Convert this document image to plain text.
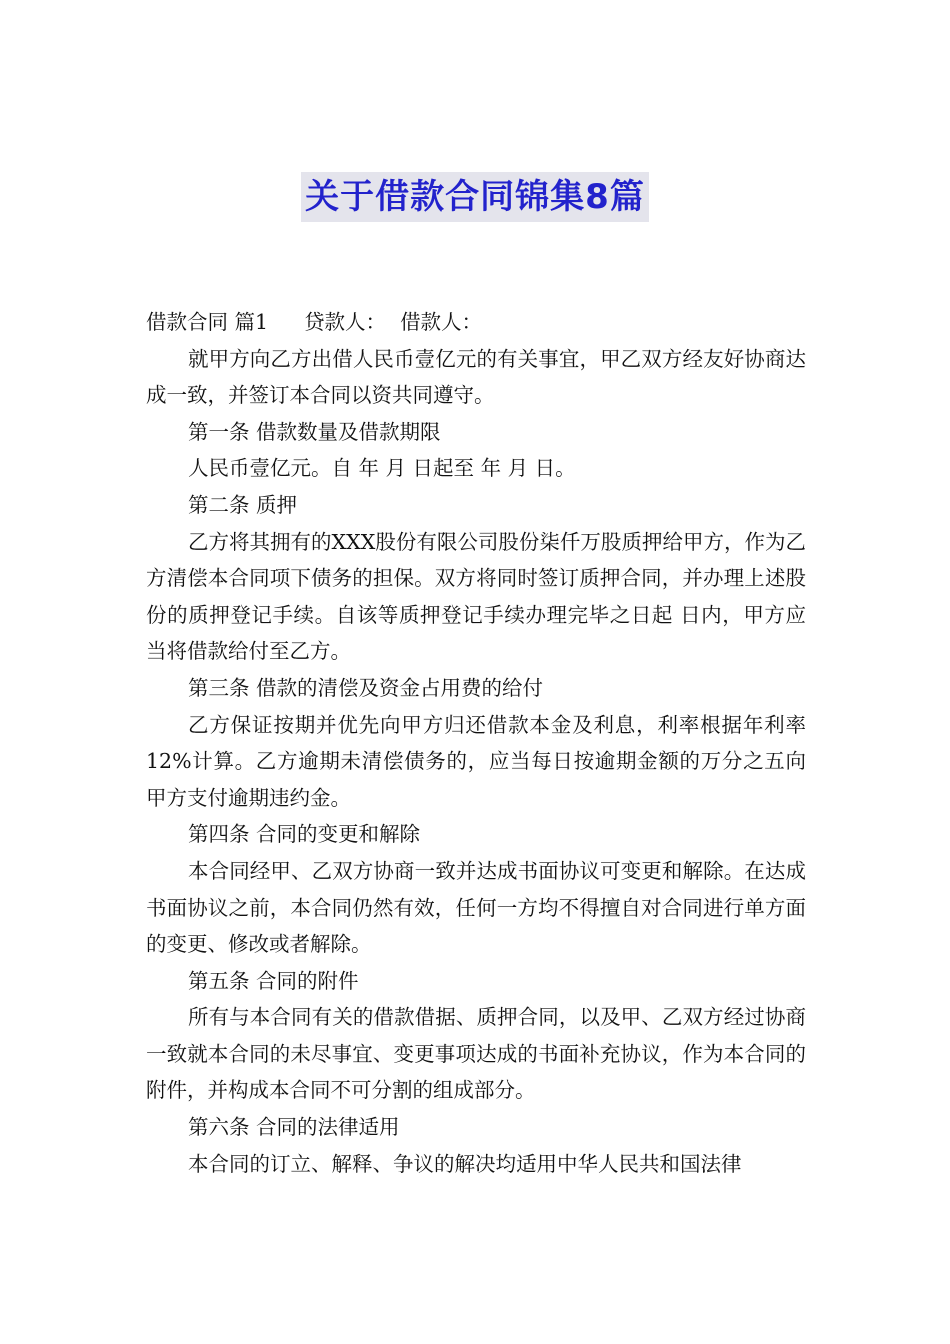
关于借款合同锦集8篇

借款合同 篇1 贷款人： 借款人：

就甲方向乙方出借人民币壹亿元的有关事宜，甲乙双方经友好协商达成一致，并签订本合同以资共同遵守。

第一条 借款数量及借款期限

人民币壹亿元。自 年 月 日起至 年 月 日。

第二条 质押

乙方将其拥有的XXX股份有限公司股份柒仟万股质押给甲方，作为乙方清偿本合同项下债务的担保。双方将同时签订质押合同，并办理上述股份的质押登记手续。自该等质押登记手续办理完毕之日起 日内，甲方应当将借款给付至乙方。

第三条 借款的清偿及资金占用费的给付

乙方保证按期并优先向甲方归还借款本金及利息，利率根据年利率 12%计算。乙方逾期未清偿债务的，应当每日按逾期金额的万分之五向甲方支付逾期违约金。

第四条 合同的变更和解除

本合同经甲、乙双方协商一致并达成书面协议可变更和解除。在达成书面协议之前，本合同仍然有效，任何一方均不得擅自对合同进行单方面的变更、修改或者解除。

第五条 合同的附件

所有与本合同有关的借款借据、质押合同，以及甲、乙双方经过协商一致就本合同的未尽事宜、变更事项达成的书面补充协议，作为本合同的附件，并构成本合同不可分割的组成部分。

第六条 合同的法律适用

本合同的订立、解释、争议的解决均适用中华人民共和国法律
